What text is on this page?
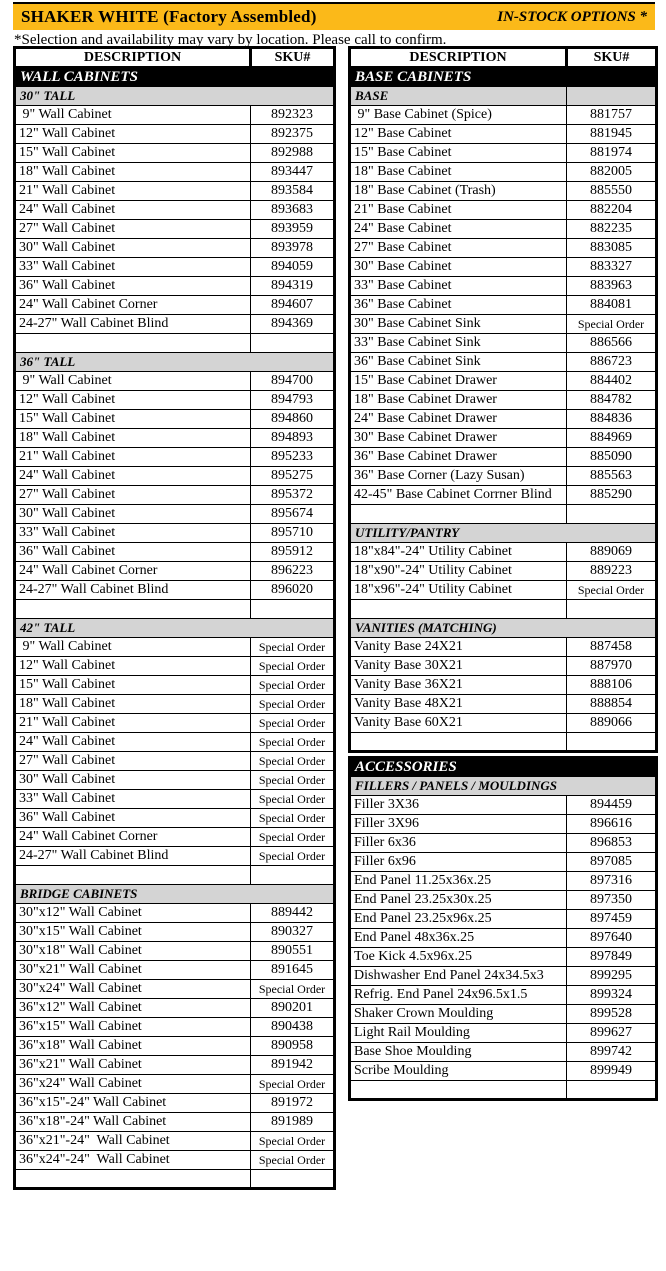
SHAKER WHITE (Factory Assembled)	IN-STOCK OPTIONS *
*Selection and availability may vary by location. Please call to confirm.
DESCRIPTION	SKU#
WALL CABINETS	
30" TALL	
9" Wall Cabinet	892323
12" Wall Cabinet	892375
15" Wall Cabinet	892988
18" Wall Cabinet	893447
21" Wall Cabinet	893584
24" Wall Cabinet	893683
27" Wall Cabinet	893959
30" Wall Cabinet	893978
33" Wall Cabinet	894059
36" Wall Cabinet	894319
24" Wall Cabinet Corner	894607
24-27" Wall Cabinet Blind	894369

36" TALL	
9" Wall Cabinet	894700
12" Wall Cabinet	894793
15" Wall Cabinet	894860
18" Wall Cabinet	894893
21" Wall Cabinet	895233
24" Wall Cabinet	895275
27" Wall Cabinet	895372
30" Wall Cabinet	895674
33" Wall Cabinet	895710
36" Wall Cabinet	895912
24" Wall Cabinet Corner	896223
24-27" Wall Cabinet Blind	896020

42" TALL	
9" Wall Cabinet	Special Order
12" Wall Cabinet	Special Order
15" Wall Cabinet	Special Order
18" Wall Cabinet	Special Order
21" Wall Cabinet	Special Order
24" Wall Cabinet	Special Order
27" Wall Cabinet	Special Order
30" Wall Cabinet	Special Order
33" Wall Cabinet	Special Order
36" Wall Cabinet	Special Order
24" Wall Cabinet Corner	Special Order
24-27" Wall Cabinet Blind	Special Order

BRIDGE CABINETS	
30"x12" Wall Cabinet	889442
30"x15" Wall Cabinet	890327
30"x18" Wall Cabinet	890551
30"x21" Wall Cabinet	891645
30"x24" Wall Cabinet	Special Order
36"x12" Wall Cabinet	890201
36"x15" Wall Cabinet	890438
36"x18" Wall Cabinet	890958
36"x21" Wall Cabinet	891942
36"x24" Wall Cabinet	Special Order
36"x15"-24" Wall Cabinet	891972
36"x18"-24" Wall Cabinet	891989
36"x21"-24"  Wall Cabinet	Special Order
36"x24"-24"  Wall Cabinet	Special Order

DESCRIPTION	SKU#
BASE CABINETS	
BASE	
9" Base Cabinet (Spice)	881757
12" Base Cabinet	881945
15" Base Cabinet	881974
18" Base Cabinet	882005
18" Base Cabinet (Trash)	885550
21" Base Cabinet	882204
24" Base Cabinet	882235
27" Base Cabinet	883085
30" Base Cabinet	883327
33" Base Cabinet	883963
36" Base Cabinet	884081
30" Base Cabinet Sink	Special Order
33" Base Cabinet Sink	886566
36" Base Cabinet Sink	886723
15" Base Cabinet Drawer	884402
18" Base Cabinet Drawer	884782
24" Base Cabinet Drawer	884836
30" Base Cabinet Drawer	884969
36" Base Cabinet Drawer	885090
36" Base Corner (Lazy Susan)	885563
42-45" Base Cabinet Corrner Blind	885290

UTILITY/PANTRY	
18"x84"-24" Utility Cabinet	889069
18"x90"-24" Utility Cabinet	889223
18"x96"-24" Utility Cabinet	Special Order

VANITIES (MATCHING)	
Vanity Base 24X21	887458
Vanity Base 30X21	887970
Vanity Base 36X21	888106
Vanity Base 48X21	888854
Vanity Base 60X21	889066

ACCESSORIES	
FILLERS / PANELS / MOULDINGS	
Filler 3X36	894459
Filler 3X96	896616
Filler 6x36	896853
Filler 6x96	897085
End Panel 11.25x36x.25	897316
End Panel 23.25x30x.25	897350
End Panel 23.25x96x.25	897459
End Panel 48x36x.25	897640
Toe Kick 4.5x96x.25	897849
Dishwasher End Panel 24x34.5x3	899295
Refrig. End Panel 24x96.5x1.5	899324
Shaker Crown Moulding	899528
Light Rail Moulding	899627
Base Shoe Moulding	899742
Scribe Moulding	899949
